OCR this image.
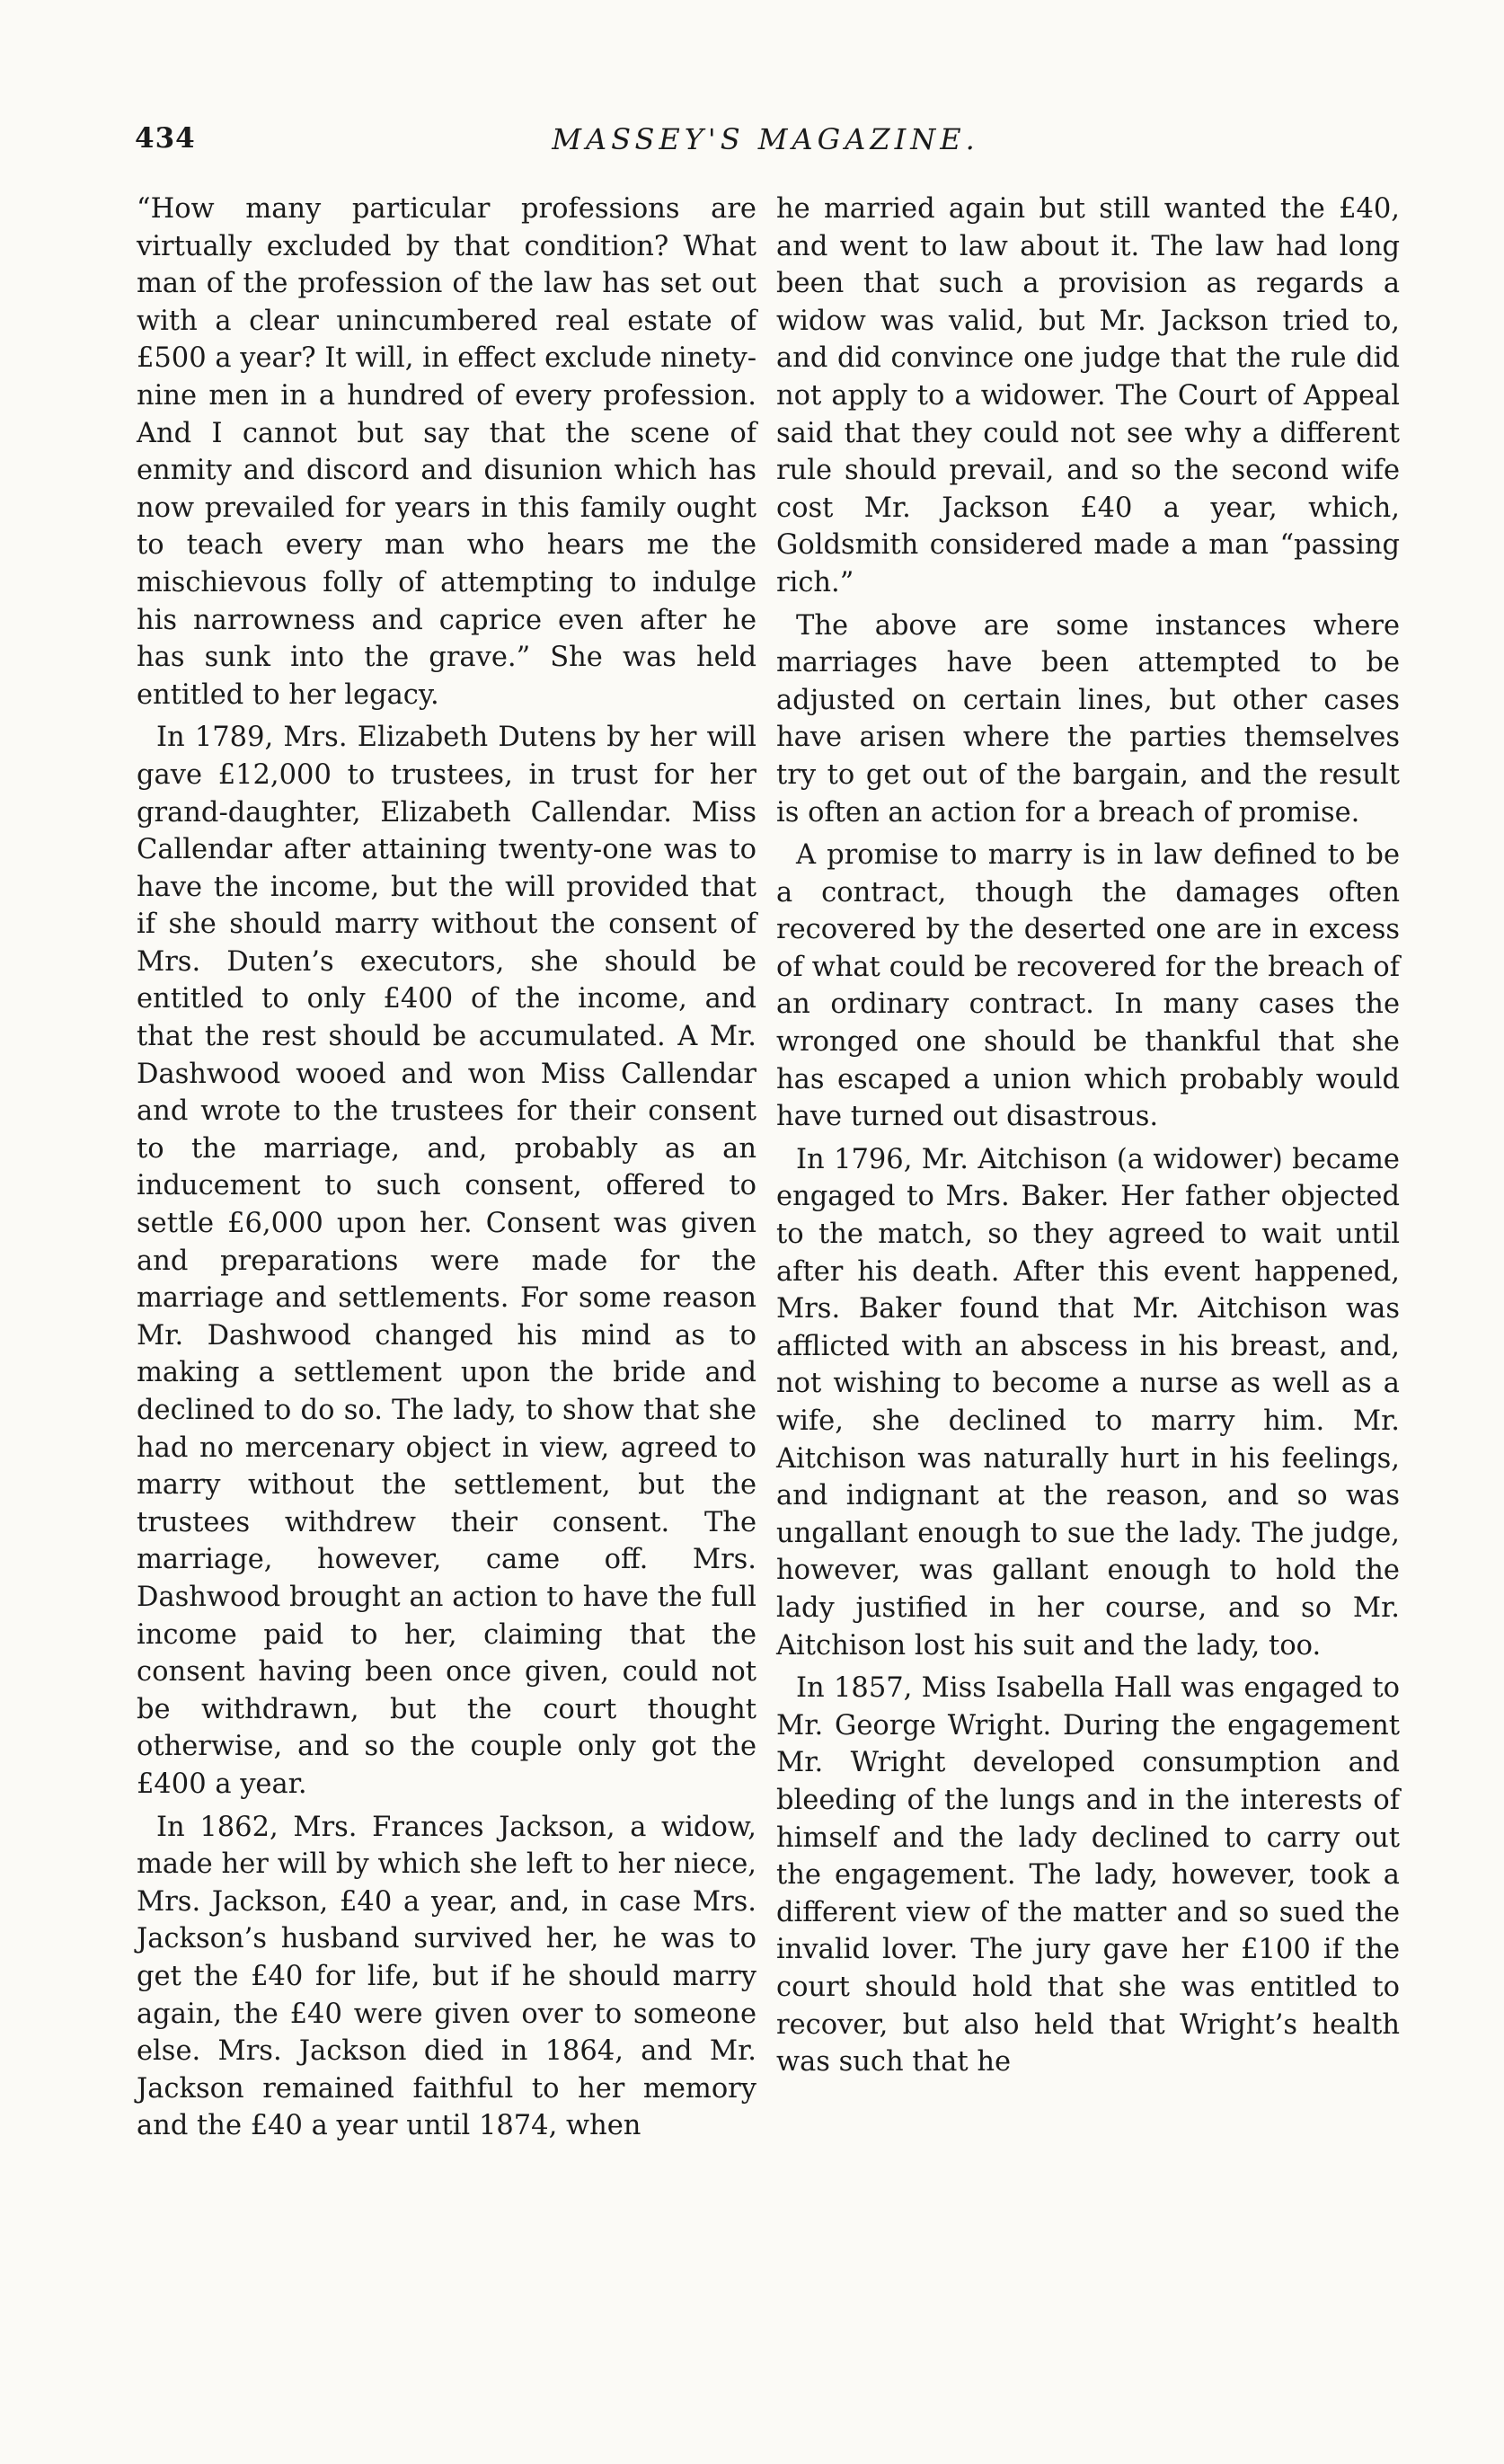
434	MASSEY'S MAGAZINE.

“How many particular professions are virtually excluded by that condition? What man of the profession of the law has set out with a clear unincumbered real estate of £500 a year? It will, in effect exclude ninety-nine men in a hundred of every profession. And I cannot but say that the scene of enmity and discord and disunion which has now prevailed for years in this family ought to teach every man who hears me the mischievous folly of attempting to indulge his narrowness and caprice even after he has sunk into the grave.” She was held entitled to her legacy.

In 1789, Mrs. Elizabeth Dutens by her will gave £12,000 to trustees, in trust for her grand-daughter, Elizabeth Callendar. Miss Callendar after attaining twenty-one was to have the income, but the will provided that if she should marry without the consent of Mrs. Duten’s executors, she should be entitled to only £400 of the income, and that the rest should be accumulated. A Mr. Dashwood wooed and won Miss Callendar and wrote to the trustees for their consent to the marriage, and, probably as an inducement to such consent, offered to settle £6,000 upon her. Consent was given and preparations were made for the marriage and settlements. For some reason Mr. Dashwood changed his mind as to making a settlement upon the bride and declined to do so. The lady, to show that she had no mercenary object in view, agreed to marry without the settlement, but the trustees withdrew their consent. The marriage, however, came off. Mrs. Dashwood brought an action to have the full income paid to her, claiming that the consent having been once given, could not be withdrawn, but the court thought otherwise, and so the couple only got the £400 a year.

In 1862, Mrs. Frances Jackson, a widow, made her will by which she left to her niece, Mrs. Jackson, £40 a year, and, in case Mrs. Jackson’s husband survived her, he was to get the £40 for life, but if he should marry again, the £40 were given over to someone else. Mrs. Jackson died in 1864, and Mr. Jackson remained faithful to her memory and the £40 a year until 1874, when

he married again but still wanted the £40, and went to law about it. The law had long been that such a provision as regards a widow was valid, but Mr. Jackson tried to, and did convince one judge that the rule did not apply to a widower. The Court of Appeal said that they could not see why a different rule should prevail, and so the second wife cost Mr. Jackson £40 a year, which, Goldsmith considered made a man “passing rich.”

The above are some instances where marriages have been attempted to be adjusted on certain lines, but other cases have arisen where the parties themselves try to get out of the bargain, and the result is often an action for a breach of promise.

A promise to marry is in law defined to be a contract, though the damages often recovered by the deserted one are in excess of what could be recovered for the breach of an ordinary contract. In many cases the wronged one should be thankful that she has escaped a union which probably would have turned out disastrous.

In 1796, Mr. Aitchison (a widower) became engaged to Mrs. Baker. Her father objected to the match, so they agreed to wait until after his death. After this event happened, Mrs. Baker found that Mr. Aitchison was afflicted with an abscess in his breast, and, not wishing to become a nurse as well as a wife, she declined to marry him. Mr. Aitchison was naturally hurt in his feelings, and indignant at the reason, and so was ungallant enough to sue the lady. The judge, however, was gallant enough to hold the lady justified in her course, and so Mr. Aitchison lost his suit and the lady, too.

In 1857, Miss Isabella Hall was engaged to Mr. George Wright. During the engagement Mr. Wright developed consumption and bleeding of the lungs and in the interests of himself and the lady declined to carry out the engagement. The lady, however, took a different view of the matter and so sued the invalid lover. The jury gave her £100 if the court should hold that she was entitled to recover, but also held that Wright’s health was such that he
